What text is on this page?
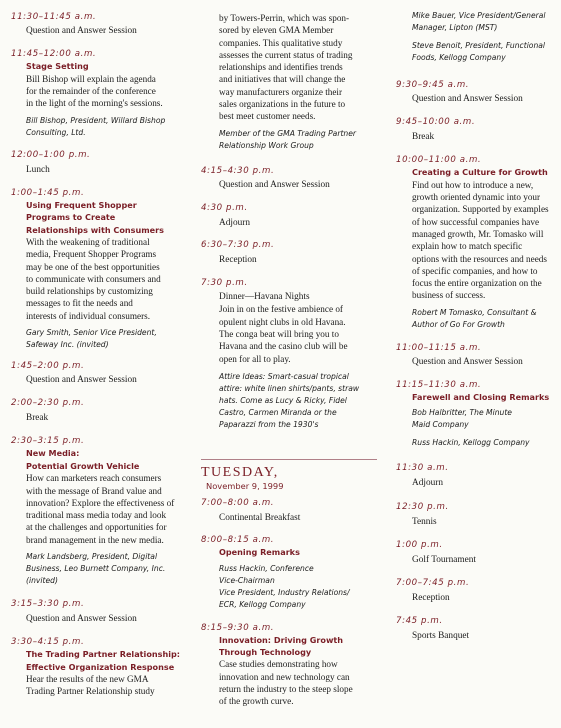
11:30–11:45 a.m.
Question and Answer Session
11:45–12:00 a.m.
Stage Setting
Bill Bishop will explain the agenda
for the remainder of the conference
in the light of the morning's sessions.
Bill Bishop, President, Willard Bishop
Consulting, Ltd.
12:00–1:00 p.m.
Lunch
1:00–1:45 p.m.
Using Frequent Shopper
Programs to Create
Relationships with Consumers
With the weakening of traditional
media, Frequent Shopper Programs
may be one of the best opportunities
to communicate with consumers and
build relationships by customizing
messages to fit the needs and
interests of individual consumers.
Gary Smith, Senior Vice President,
Safeway Inc. (invited)
1:45–2:00 p.m.
Question and Answer Session
2:00–2:30 p.m.
Break
2:30–3:15 p.m.
New Media:
Potential Growth Vehicle
How can marketers reach consumers
with the message of Brand value and
innovation? Explore the effectiveness of
traditional mass media today and look
at the challenges and opportunities for
brand management in the new media.
Mark Landsberg, President, Digital
Business, Leo Burnett Company, Inc.
(invited)
3:15–3:30 p.m.
Question and Answer Session
3:30–4:15 p.m.
The Trading Partner Relationship:
Effective Organization Response
Hear the results of the new GMA
Trading Partner Relationship study
by Towers-Perrin, which was spon-
sored by eleven GMA Member
companies. This qualitative study
assesses the current status of trading
relationships and identifies trends
and initiatives that will change the
way manufacturers organize their
sales organizations in the future to
best meet customer needs.
Member of the GMA Trading Partner
Relationship Work Group
4:15–4:30 p.m.
Question and Answer Session
4:30 p.m.
Adjourn
6:30–7:30 p.m.
Reception
7:30 p.m.
Dinner—Havana Nights
Join in on the festive ambience of
opulent night clubs in old Havana.
The conga beat will bring you to
Havana and the casino club will be
open for all to play.
Attire Ideas: Smart-casual tropical
attire: white linen shirts/pants, straw
hats. Come as Lucy & Ricky, Fidel
Castro, Carmen Miranda or the
Paparazzi from the 1930's
TUESDAY,
November 9, 1999
7:00–8:00 a.m.
Continental Breakfast
8:00–8:15 a.m.
Opening Remarks
Russ Hackin, Conference
Vice-Chairman
Vice President, Industry Relations/
ECR, Kellogg Company
8:15–9:30 a.m.
Innovation: Driving Growth
Through Technology
Case studies demonstrating how
innovation and new technology can
return the industry to the steep slope
of the growth curve.
Mike Bauer, Vice President/General
Manager, Lipton (MST)
Steve Benoit, President, Functional
Foods, Kellogg Company
9:30–9:45 a.m.
Question and Answer Session
9:45–10:00 a.m.
Break
10:00–11:00 a.m.
Creating a Culture for Growth
Find out how to introduce a new,
growth oriented dynamic into your
organization. Supported by examples
of how successful companies have
managed growth, Mr. Tomasko will
explain how to match specific
options with the resources and needs
of specific companies, and how to
focus the entire organization on the
business of success.
Robert M Tomasko, Consultant &
Author of Go For Growth
11:00–11:15 a.m.
Question and Answer Session
11:15–11:30 a.m.
Farewell and Closing Remarks
Bob Halbritter, The Minute
Maid Company
Russ Hackin, Kellogg Company
11:30 a.m.
Adjourn
12:30 p.m.
Tennis
1:00 p.m.
Golf Tournament
7:00–7:45 p.m.
Reception
7:45 p.m.
Sports Banquet
